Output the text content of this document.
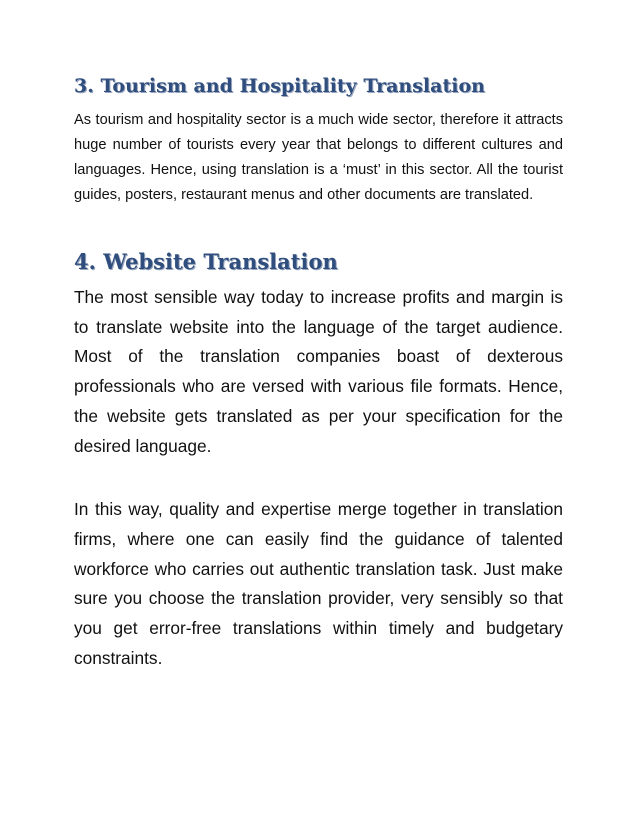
3. Tourism and Hospitality Translation

As tourism and hospitality sector is a much wide sector, therefore it attracts huge number of tourists every year that belongs to different cultures and languages. Hence, using translation is a ‘must’ in this sector. All the tourist guides, posters, restaurant menus and other documents are translated.

4. Website Translation

The most sensible way today to increase profits and margin is to translate website into the language of the target audience. Most of the translation companies boast of dexterous professionals who are versed with various file formats. Hence, the website gets translated as per your specification for the desired language.

In this way, quality and expertise merge together in translation firms, where one can easily find the guidance of talented workforce who carries out authentic translation task. Just make sure you choose the translation provider, very sensibly so that you get error-free translations within timely and budgetary constraints.
